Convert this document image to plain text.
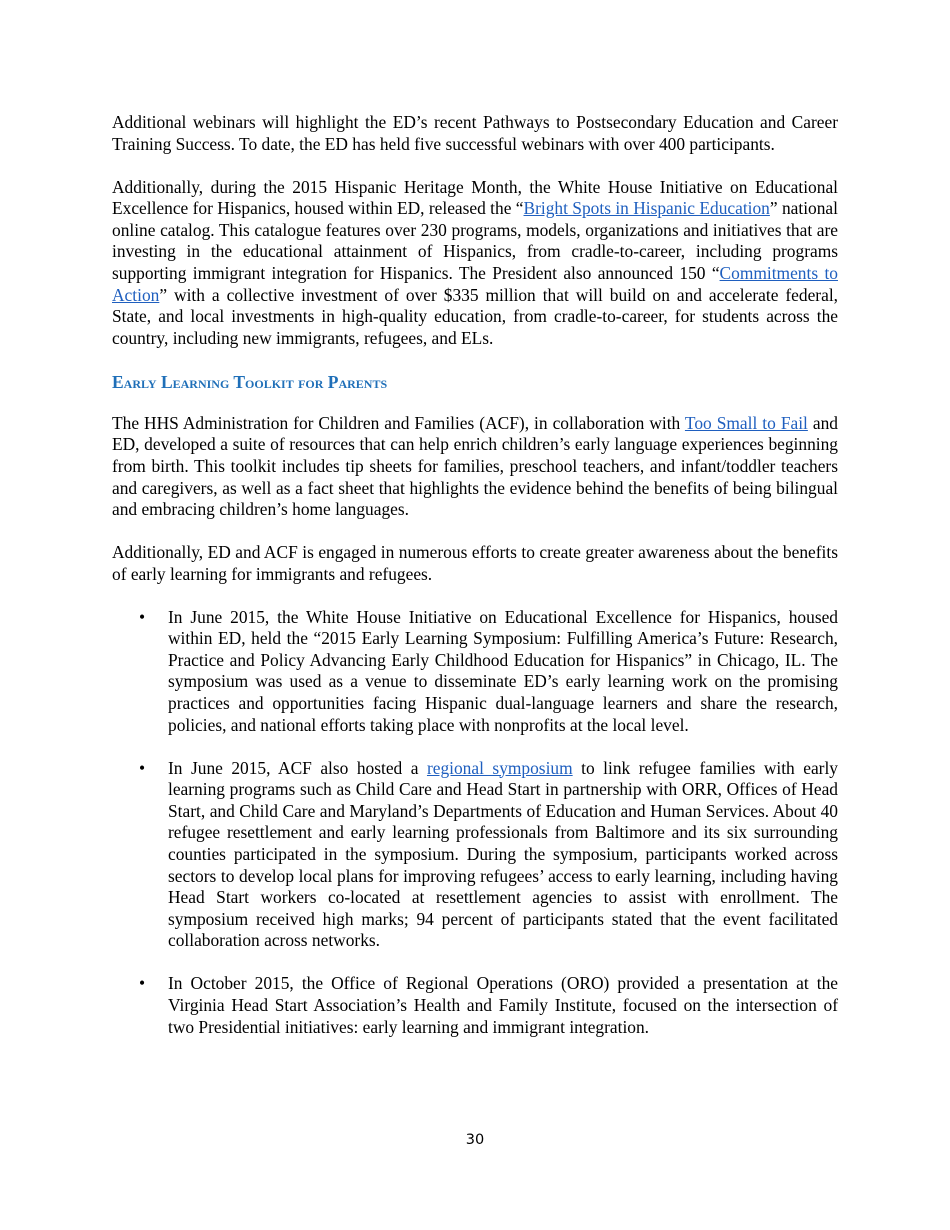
Additional webinars will highlight the ED’s recent Pathways to Postsecondary Education and Career Training Success. To date, the ED has held five successful webinars with over 400 participants.

Additionally, during the 2015 Hispanic Heritage Month, the White House Initiative on Educational Excellence for Hispanics, housed within ED, released the “Bright Spots in Hispanic Education” national online catalog. This catalogue features over 230 programs, models, organizations and initiatives that are investing in the educational attainment of Hispanics, from cradle-to-career, including programs supporting immigrant integration for Hispanics. The President also announced 150 “Commitments to Action” with a collective investment of over $335 million that will build on and accelerate federal, State, and local investments in high-quality education, from cradle-to-career, for students across the country, including new immigrants, refugees, and ELs.

Early Learning Toolkit for Parents

The HHS Administration for Children and Families (ACF), in collaboration with Too Small to Fail and ED, developed a suite of resources that can help enrich children’s early language experiences beginning from birth. This toolkit includes tip sheets for families, preschool teachers, and infant/toddler teachers and caregivers, as well as a fact sheet that highlights the evidence behind the benefits of being bilingual and embracing children’s home languages.

Additionally, ED and ACF is engaged in numerous efforts to create greater awareness about the benefits of early learning for immigrants and refugees.

• In June 2015, the White House Initiative on Educational Excellence for Hispanics, housed within ED, held the “2015 Early Learning Symposium: Fulfilling America’s Future: Research, Practice and Policy Advancing Early Childhood Education for Hispanics” in Chicago, IL. The symposium was used as a venue to disseminate ED’s early learning work on the promising practices and opportunities facing Hispanic dual-language learners and share the research, policies, and national efforts taking place with nonprofits at the local level.
• In June 2015, ACF also hosted a regional symposium to link refugee families with early learning programs such as Child Care and Head Start in partnership with ORR, Offices of Head Start, and Child Care and Maryland’s Departments of Education and Human Services. About 40 refugee resettlement and early learning professionals from Baltimore and its six surrounding counties participated in the symposium. During the symposium, participants worked across sectors to develop local plans for improving refugees’ access to early learning, including having Head Start workers co-located at resettlement agencies to assist with enrollment. The symposium received high marks; 94 percent of participants stated that the event facilitated collaboration across networks.
• In October 2015, the Office of Regional Operations (ORO) provided a presentation at the Virginia Head Start Association’s Health and Family Institute, focused on the intersection of two Presidential initiatives: early learning and immigrant integration.
30
